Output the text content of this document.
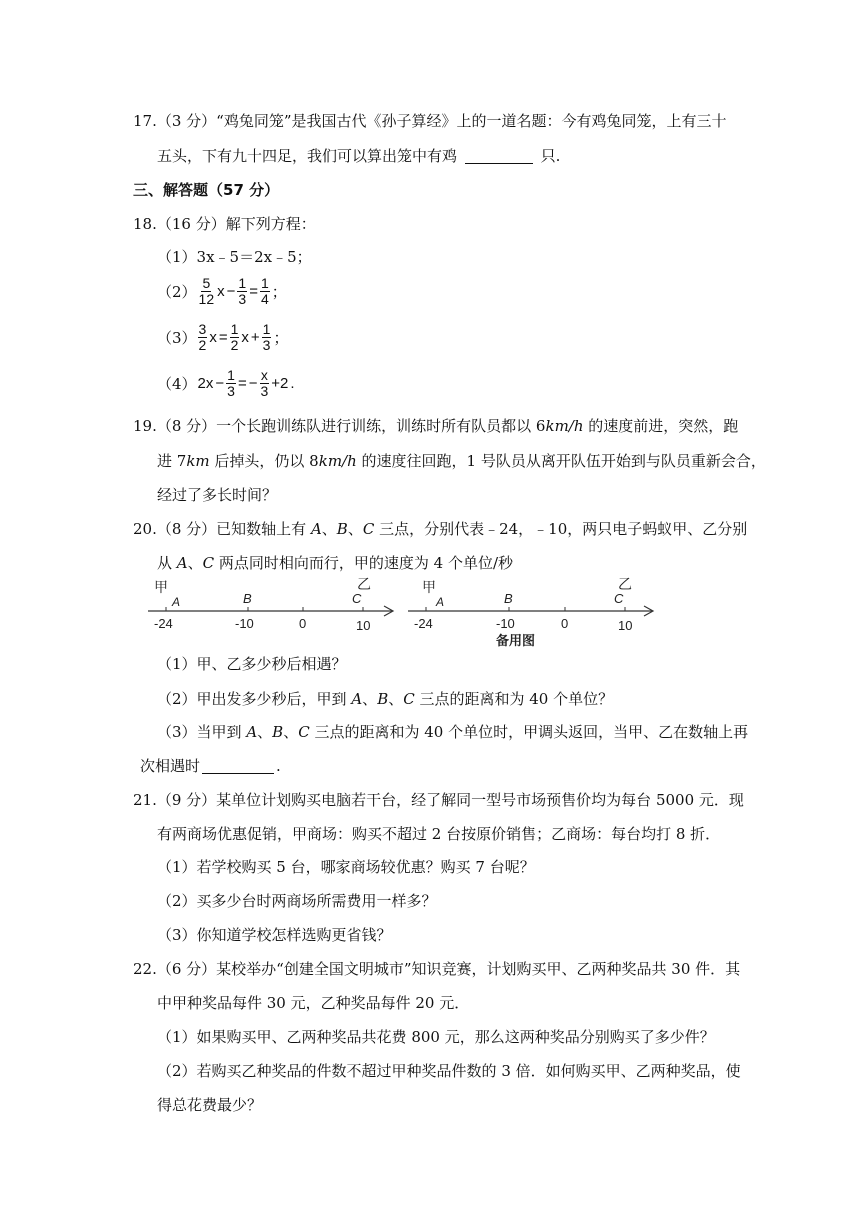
17.（3 分）“鸡兔同笼”是我国古代《孙子算经》上的一道名题：今有鸡兔同笼，上有三十
五头，下有九十四足，我们可以算出笼中有鸡	只.
三、解答题（57 分）
18.（16 分）解下列方程：
（1）3x﹣5＝2x﹣5；
$(2) \frac{5}{12}$ $x - \frac{1}{3} = \frac{1}{4}$ ；
$(3) \frac{3}{2}$ $x = \frac{1}{2}$ $x + \frac{1}{3}$ ；
（4） $2x - \frac{1}{3}$ = − $\frac{x}{3} +2$ .
19.（8 分）一个长跑训练队进行训练，训练时所有队员都以 6km/h 的速度前进，突然，跑
进 7km 后掉头，仍以 8km/h 的速度往回跑，1 号队员从离开队伍开始到与队员重新会合，
经过了多长时间？
20.（8 分）已知数轴上有 A、B、C 三点，分别代表﹣24，﹣10，两只电子蚂蚁甲、乙分别
从 A、C 两点同时相向而行，甲的速度为 4 个单位/秒
甲
A	B	C
乙
-24	-10	0	10
甲
A	B	C
乙
-24	-10	0	10
备用图
（1）甲、乙多少秒后相遇？
（2）甲出发多少秒后，甲到 A、B、C 三点的距离和为 40 个单位？
（3）当甲到 A、B、C 三点的距离和为 40 个单位时，甲调头返回，当甲、乙在数轴上再
次相遇时	.
21.（9 分）某单位计划购买电脑若干台，经了解同一型号市场预售价均为每台 5000 元．现
有两商场优惠促销，甲商场：购买不超过 2 台按原价销售；乙商场：每台均打 8 折．
（1）若学校购买 5 台，哪家商场较优惠？购买 7 台呢？
（2）买多少台时两商场所需费用一样多？
（3）你知道学校怎样选购更省钱？
22.（6 分）某校举办“创建全国文明城市”知识竞赛，计划购买甲、乙两种奖品共 30 件．其
中甲种奖品每件 30 元，乙种奖品每件 20 元．
（1）如果购买甲、乙两种奖品共花费 800 元，那么这两种奖品分别购买了多少件？
（2）若购买乙种奖品的件数不超过甲种奖品件数的 3 倍．如何购买甲、乙两种奖品，使
得总花费最少？
